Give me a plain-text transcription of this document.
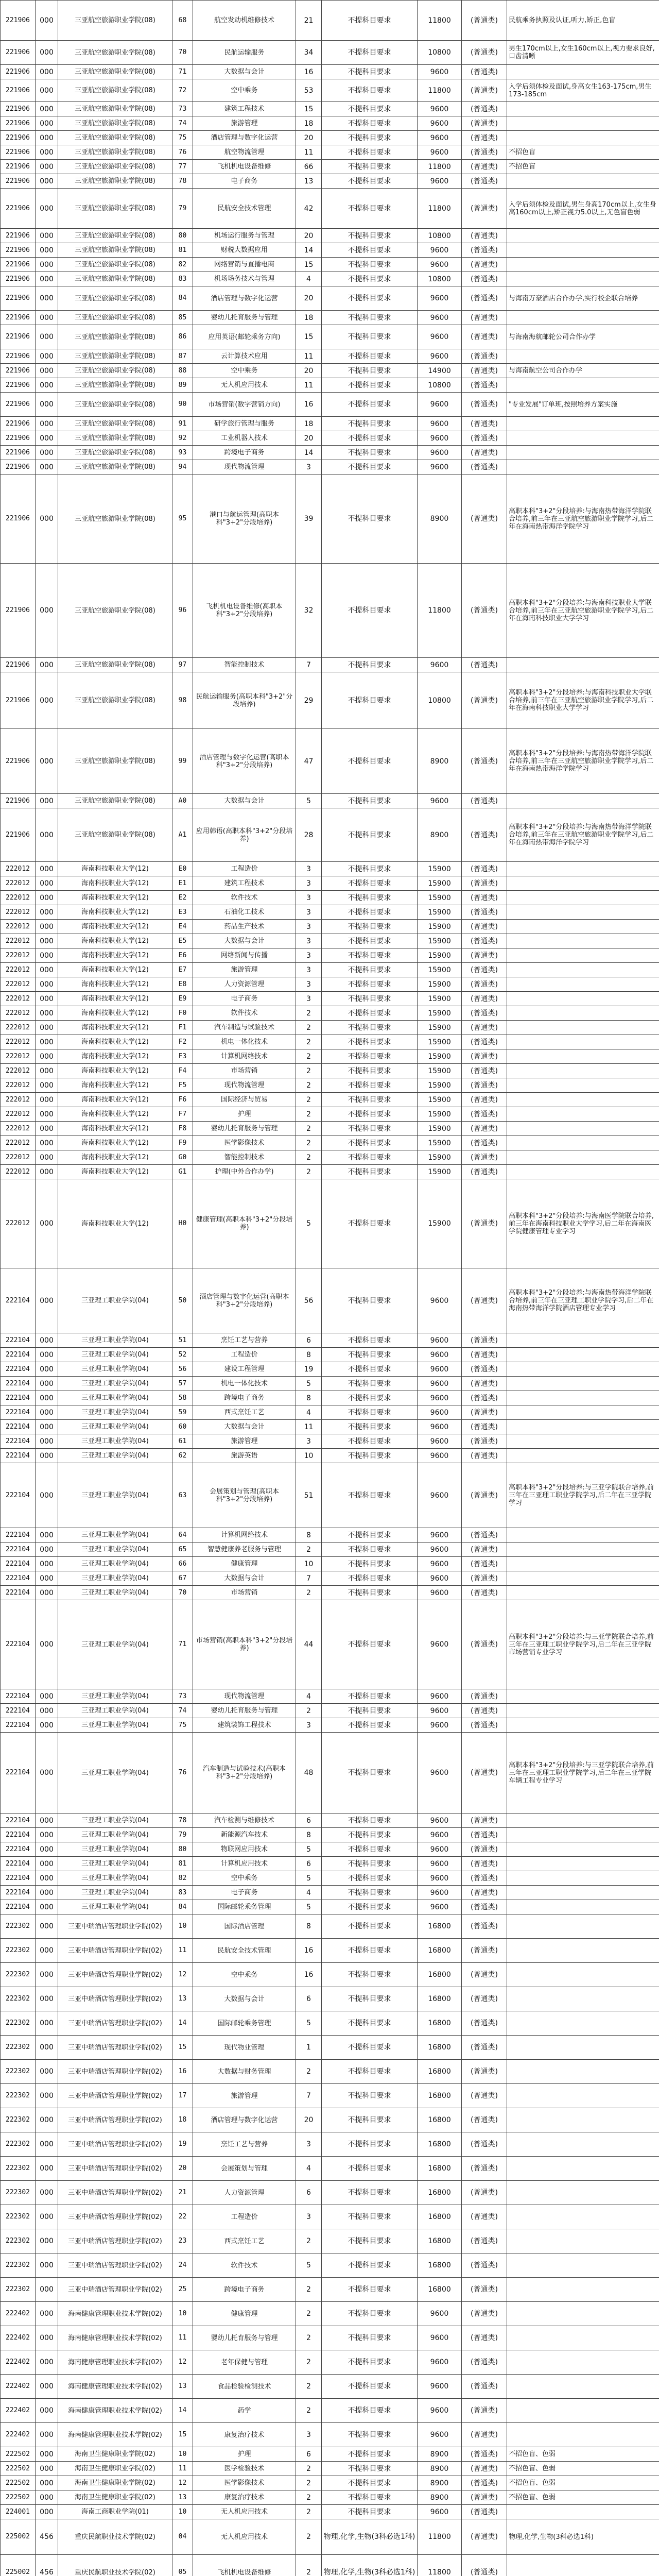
221906	000	三亚航空旅游职业学院(08)	68	航空发动机维修技术	21	不提科目要求	11800	(普通类)	民航乘务执照及认证,听力,矫正,色盲
221906	000	三亚航空旅游职业学院(08)	70	民航运输服务	34	不提科目要求	10800	(普通类)	男生170cm以上,女生160cm以上,视力要求良好,口齿清晰
221906	000	三亚航空旅游职业学院(08)	71	大数据与会计	16	不提科目要求	9600	(普通类)	
221906	000	三亚航空旅游职业学院(08)	72	空中乘务	53	不提科目要求	11800	(普通类)	入学后须体检及面试,身高女生163-175cm,男生173-185cm
221906	000	三亚航空旅游职业学院(08)	73	建筑工程技术	15	不提科目要求	9600	(普通类)	
221906	000	三亚航空旅游职业学院(08)	74	旅游管理	18	不提科目要求	9600	(普通类)	
221906	000	三亚航空旅游职业学院(08)	75	酒店管理与数字化运营	20	不提科目要求	9600	(普通类)	
221906	000	三亚航空旅游职业学院(08)	76	航空物流管理	11	不提科目要求	9600	(普通类)	不招色盲
221906	000	三亚航空旅游职业学院(08)	77	飞机机电设备维修	66	不提科目要求	11800	(普通类)	不招色盲
221906	000	三亚航空旅游职业学院(08)	78	电子商务	13	不提科目要求	9600	(普通类)	
221906	000	三亚航空旅游职业学院(08)	79	民航安全技术管理	42	不提科目要求	11800	(普通类)	入学后须体检及面试,男生身高170cm以上,女生身高160cm以上,矫正视力5.0以上,无色盲色弱
221906	000	三亚航空旅游职业学院(08)	80	机场运行服务与管理	20	不提科目要求	10800	(普通类)	
221906	000	三亚航空旅游职业学院(08)	81	财税大数据应用	14	不提科目要求	9600	(普通类)	
221906	000	三亚航空旅游职业学院(08)	82	网络营销与直播电商	15	不提科目要求	9600	(普通类)	
221906	000	三亚航空旅游职业学院(08)	83	机场场务技术与管理	4	不提科目要求	10800	(普通类)	
221906	000	三亚航空旅游职业学院(08)	84	酒店管理与数字化运营	20	不提科目要求	9600	(普通类)	与海南万豪酒店合作办学,实行校企联合培养
221906	000	三亚航空旅游职业学院(08)	85	婴幼儿托育服务与管理	18	不提科目要求	9600	(普通类)	
221906	000	三亚航空旅游职业学院(08)	86	应用英语(邮轮乘务方向)	15	不提科目要求	9600	(普通类)	与海南海航邮轮公司合作办学
221906	000	三亚航空旅游职业学院(08)	87	云计算技术应用	11	不提科目要求	9600	(普通类)	
221906	000	三亚航空旅游职业学院(08)	88	空中乘务	20	不提科目要求	14900	(普通类)	与海南航空公司合作办学
221906	000	三亚航空旅游职业学院(08)	89	无人机应用技术	11	不提科目要求	10800	(普通类)	
221906	000	三亚航空旅游职业学院(08)	90	市场营销(数字营销方向)	16	不提科目要求	9600	(普通类)	"专业发展"订单班,按照培养方案实施
221906	000	三亚航空旅游职业学院(08)	91	研学旅行管理与服务	18	不提科目要求	9600	(普通类)	
221906	000	三亚航空旅游职业学院(08)	92	工业机器人技术	20	不提科目要求	9600	(普通类)	
221906	000	三亚航空旅游职业学院(08)	93	跨境电子商务	14	不提科目要求	9600	(普通类)	
221906	000	三亚航空旅游职业学院(08)	94	现代物流管理	3	不提科目要求	9600	(普通类)	
221906	000	三亚航空旅游职业学院(08)	95	港口与航运管理(高职本科"3+2"分段培养)	39	不提科目要求	8900	(普通类)	高职本科"3+2"分段培养:与海南热带海洋学院联合培养,前三年在三亚航空旅游职业学院学习,后二年在海南热带海洋学院学习
221906	000	三亚航空旅游职业学院(08)	96	飞机机电设备维修(高职本科"3+2"分段培养)	32	不提科目要求	11800	(普通类)	高职本科"3+2"分段培养:与海南科技职业大学联合培养,前三年在三亚航空旅游职业学院学习,后二年在海南科技职业大学学习
221906	000	三亚航空旅游职业学院(08)	97	智能控制技术	7	不提科目要求	9600	(普通类)	
221906	000	三亚航空旅游职业学院(08)	98	民航运输服务(高职本科"3+2"分段培养)	29	不提科目要求	10800	(普通类)	高职本科"3+2"分段培养:与海南科技职业大学联合培养,前三年在三亚航空旅游职业学院学习,后二年在海南科技职业大学学习
221906	000	三亚航空旅游职业学院(08)	99	酒店管理与数字化运营(高职本科"3+2"分段培养)	47	不提科目要求	8900	(普通类)	高职本科"3+2"分段培养:与海南热带海洋学院联合培养,前三年在三亚航空旅游职业学院学习,后二年在海南热带海洋学院学习
221906	000	三亚航空旅游职业学院(08)	A0	大数据与会计	5	不提科目要求	9600	(普通类)	
221906	000	三亚航空旅游职业学院(08)	A1	应用韩语(高职本科"3+2"分段培养)	28	不提科目要求	8900	(普通类)	高职本科"3+2"分段培养:与海南热带海洋学院联合培养,前三年在三亚航空旅游职业学院学习,后二年在海南热带海洋学院学习
222012	000	海南科技职业大学(12)	E0	工程造价	3	不提科目要求	15900	(普通类)	
222012	000	海南科技职业大学(12)	E1	建筑工程技术	3	不提科目要求	15900	(普通类)	
222012	000	海南科技职业大学(12)	E2	软件技术	3	不提科目要求	15900	(普通类)	
222012	000	海南科技职业大学(12)	E3	石油化工技术	3	不提科目要求	15900	(普通类)	
222012	000	海南科技职业大学(12)	E4	药品生产技术	3	不提科目要求	15900	(普通类)	
222012	000	海南科技职业大学(12)	E5	大数据与会计	3	不提科目要求	15900	(普通类)	
222012	000	海南科技职业大学(12)	E6	网络新闻与传播	3	不提科目要求	15900	(普通类)	
222012	000	海南科技职业大学(12)	E7	旅游管理	3	不提科目要求	15900	(普通类)	
222012	000	海南科技职业大学(12)	E8	人力资源管理	3	不提科目要求	15900	(普通类)	
222012	000	海南科技职业大学(12)	E9	电子商务	3	不提科目要求	15900	(普通类)	
222012	000	海南科技职业大学(12)	F0	软件技术	2	不提科目要求	15900	(普通类)	
222012	000	海南科技职业大学(12)	F1	汽车制造与试验技术	2	不提科目要求	15900	(普通类)	
222012	000	海南科技职业大学(12)	F2	机电一体化技术	2	不提科目要求	15900	(普通类)	
222012	000	海南科技职业大学(12)	F3	计算机网络技术	2	不提科目要求	15900	(普通类)	
222012	000	海南科技职业大学(12)	F4	市场营销	2	不提科目要求	15900	(普通类)	
222012	000	海南科技职业大学(12)	F5	现代物流管理	2	不提科目要求	15900	(普通类)	
222012	000	海南科技职业大学(12)	F6	国际经济与贸易	2	不提科目要求	15900	(普通类)	
222012	000	海南科技职业大学(12)	F7	护理	2	不提科目要求	15900	(普通类)	
222012	000	海南科技职业大学(12)	F8	婴幼儿托育服务与管理	2	不提科目要求	15900	(普通类)	
222012	000	海南科技职业大学(12)	F9	医学影像技术	2	不提科目要求	15900	(普通类)	
222012	000	海南科技职业大学(12)	G0	智能控制技术	2	不提科目要求	15900	(普通类)	
222012	000	海南科技职业大学(12)	G1	护理(中外合作办学)	2	不提科目要求	15900	(普通类)	
222012	000	海南科技职业大学(12)	H0	健康管理(高职本科"3+2"分段培养)	5	不提科目要求	15900	(普通类)	高职本科"3+2"分段培养:与海南医学院联合培养,前三年在海南科技职业大学学习,后二年在海南医学院健康管理专业学习
222104	000	三亚理工职业学院(04)	50	酒店管理与数字化运营(高职本科"3+2"分段培养)	56	不提科目要求	9600	(普通类)	高职本科"3+2"分段培养:与海南热带海洋学院联合培养,前三年在三亚理工职业学院学习,后二年在海南热带海洋学院酒店管理专业学习
222104	000	三亚理工职业学院(04)	51	烹饪工艺与营养	6	不提科目要求	9600	(普通类)	
222104	000	三亚理工职业学院(04)	52	工程造价	8	不提科目要求	9600	(普通类)	
222104	000	三亚理工职业学院(04)	56	建设工程管理	19	不提科目要求	9600	(普通类)	
222104	000	三亚理工职业学院(04)	57	机电一体化技术	5	不提科目要求	9600	(普通类)	
222104	000	三亚理工职业学院(04)	58	跨境电子商务	8	不提科目要求	9600	(普通类)	
222104	000	三亚理工职业学院(04)	59	西式烹饪工艺	4	不提科目要求	9600	(普通类)	
222104	000	三亚理工职业学院(04)	60	大数据与会计	11	不提科目要求	9600	(普通类)	
222104	000	三亚理工职业学院(04)	61	旅游管理	3	不提科目要求	9600	(普通类)	
222104	000	三亚理工职业学院(04)	62	旅游英语	10	不提科目要求	9600	(普通类)	
222104	000	三亚理工职业学院(04)	63	会展策划与管理(高职本科"3+2"分段培养)	51	不提科目要求	9600	(普通类)	高职本科"3+2"分段培养:与三亚学院联合培养,前三年在三亚理工职业学院学习,后二年在三亚学院学习
222104	000	三亚理工职业学院(04)	64	计算机网络技术	8	不提科目要求	9600	(普通类)	
222104	000	三亚理工职业学院(04)	65	智慧健康养老服务与管理	2	不提科目要求	9600	(普通类)	
222104	000	三亚理工职业学院(04)	66	健康管理	10	不提科目要求	9600	(普通类)	
222104	000	三亚理工职业学院(04)	67	大数据与会计	7	不提科目要求	9600	(普通类)	
222104	000	三亚理工职业学院(04)	70	市场营销	2	不提科目要求	9600	(普通类)	
222104	000	三亚理工职业学院(04)	71	市场营销(高职本科"3+2"分段培养)	44	不提科目要求	9600	(普通类)	高职本科"3+2"分段培养:与三亚学院联合培养,前三年在三亚理工职业学院学习,后二年在三亚学院市场营销专业学习
222104	000	三亚理工职业学院(04)	73	现代物流管理	4	不提科目要求	9600	(普通类)	
222104	000	三亚理工职业学院(04)	74	婴幼儿托育服务与管理	2	不提科目要求	9600	(普通类)	
222104	000	三亚理工职业学院(04)	75	建筑装饰工程技术	3	不提科目要求	9600	(普通类)	
222104	000	三亚理工职业学院(04)	76	汽车制造与试验技术(高职本科"3+2"分段培养)	48	不提科目要求	9600	(普通类)	高职本科"3+2"分段培养:与三亚学院联合培养,前三年在三亚理工职业学院学习,后二年在三亚学院车辆工程专业学习
222104	000	三亚理工职业学院(04)	78	汽车检测与维修技术	6	不提科目要求	9600	(普通类)	
222104	000	三亚理工职业学院(04)	79	新能源汽车技术	8	不提科目要求	9600	(普通类)	
222104	000	三亚理工职业学院(04)	80	物联网应用技术	5	不提科目要求	9600	(普通类)	
222104	000	三亚理工职业学院(04)	81	计算机应用技术	6	不提科目要求	9600	(普通类)	
222104	000	三亚理工职业学院(04)	82	空中乘务	5	不提科目要求	9600	(普通类)	
222104	000	三亚理工职业学院(04)	83	电子商务	4	不提科目要求	9600	(普通类)	
222104	000	三亚理工职业学院(04)	84	国际邮轮乘务管理	5	不提科目要求	9600	(普通类)	
222302	000	三亚中瑞酒店管理职业学院(02)	10	国际酒店管理	8	不提科目要求	16800	(普通类)	
222302	000	三亚中瑞酒店管理职业学院(02)	11	民航安全技术管理	16	不提科目要求	16800	(普通类)	
222302	000	三亚中瑞酒店管理职业学院(02)	12	空中乘务	16	不提科目要求	16800	(普通类)	
222302	000	三亚中瑞酒店管理职业学院(02)	13	大数据与会计	6	不提科目要求	16800	(普通类)	
222302	000	三亚中瑞酒店管理职业学院(02)	14	国际邮轮乘务管理	5	不提科目要求	16800	(普通类)	
222302	000	三亚中瑞酒店管理职业学院(02)	15	现代物业管理	1	不提科目要求	16800	(普通类)	
222302	000	三亚中瑞酒店管理职业学院(02)	16	大数据与财务管理	2	不提科目要求	16800	(普通类)	
222302	000	三亚中瑞酒店管理职业学院(02)	17	旅游管理	7	不提科目要求	16800	(普通类)	
222302	000	三亚中瑞酒店管理职业学院(02)	18	酒店管理与数字化运营	20	不提科目要求	16800	(普通类)	
222302	000	三亚中瑞酒店管理职业学院(02)	19	烹饪工艺与营养	3	不提科目要求	16800	(普通类)	
222302	000	三亚中瑞酒店管理职业学院(02)	20	会展策划与管理	4	不提科目要求	16800	(普通类)	
222302	000	三亚中瑞酒店管理职业学院(02)	21	人力资源管理	6	不提科目要求	16800	(普通类)	
222302	000	三亚中瑞酒店管理职业学院(02)	22	工程造价	3	不提科目要求	16800	(普通类)	
222302	000	三亚中瑞酒店管理职业学院(02)	23	西式烹饪工艺	2	不提科目要求	16800	(普通类)	
222302	000	三亚中瑞酒店管理职业学院(02)	24	软件技术	5	不提科目要求	16800	(普通类)	
222302	000	三亚中瑞酒店管理职业学院(02)	25	跨境电子商务	2	不提科目要求	16800	(普通类)	
222402	000	海南健康管理职业技术学院(02)	10	健康管理	2	不提科目要求	9600	(普通类)	
222402	000	海南健康管理职业技术学院(02)	11	婴幼儿托育服务与管理	2	不提科目要求	9600	(普通类)	
222402	000	海南健康管理职业技术学院(02)	12	老年保健与管理	2	不提科目要求	9600	(普通类)	
222402	000	海南健康管理职业技术学院(02)	13	食品检验检测技术	2	不提科目要求	9600	(普通类)	
222402	000	海南健康管理职业技术学院(02)	14	药学	2	不提科目要求	9600	(普通类)	
222402	000	海南健康管理职业技术学院(02)	15	康复治疗技术	3	不提科目要求	9600	(普通类)	
222502	000	海南卫生健康职业学院(02)	10	护理	6	不提科目要求	8900	(普通类)	不招色盲、色弱
222502	000	海南卫生健康职业学院(02)	11	医学检验技术	2	不提科目要求	8900	(普通类)	不招色盲、色弱
222502	000	海南卫生健康职业学院(02)	12	医学影像技术	2	不提科目要求	8900	(普通类)	不招色盲、色弱
222502	000	海南卫生健康职业学院(02)	13	康复治疗技术	2	不提科目要求	8900	(普通类)	不招色盲、色弱
224001	000	海南工商职业学院(01)	10	无人机应用技术	2	不提科目要求	9600	(普通类)	
225002	456	重庆民航职业技术学院(02)	04	无人机应用技术	2	物理,化学,生物(3科必选1科)	11800	(普通类)	物理,化学,生物(3科必选1科)
225002	456	重庆民航职业技术学院(02)	05	飞机机电设备维修	2	物理,化学,生物(3科必选1科)	11800	(普通类)	
